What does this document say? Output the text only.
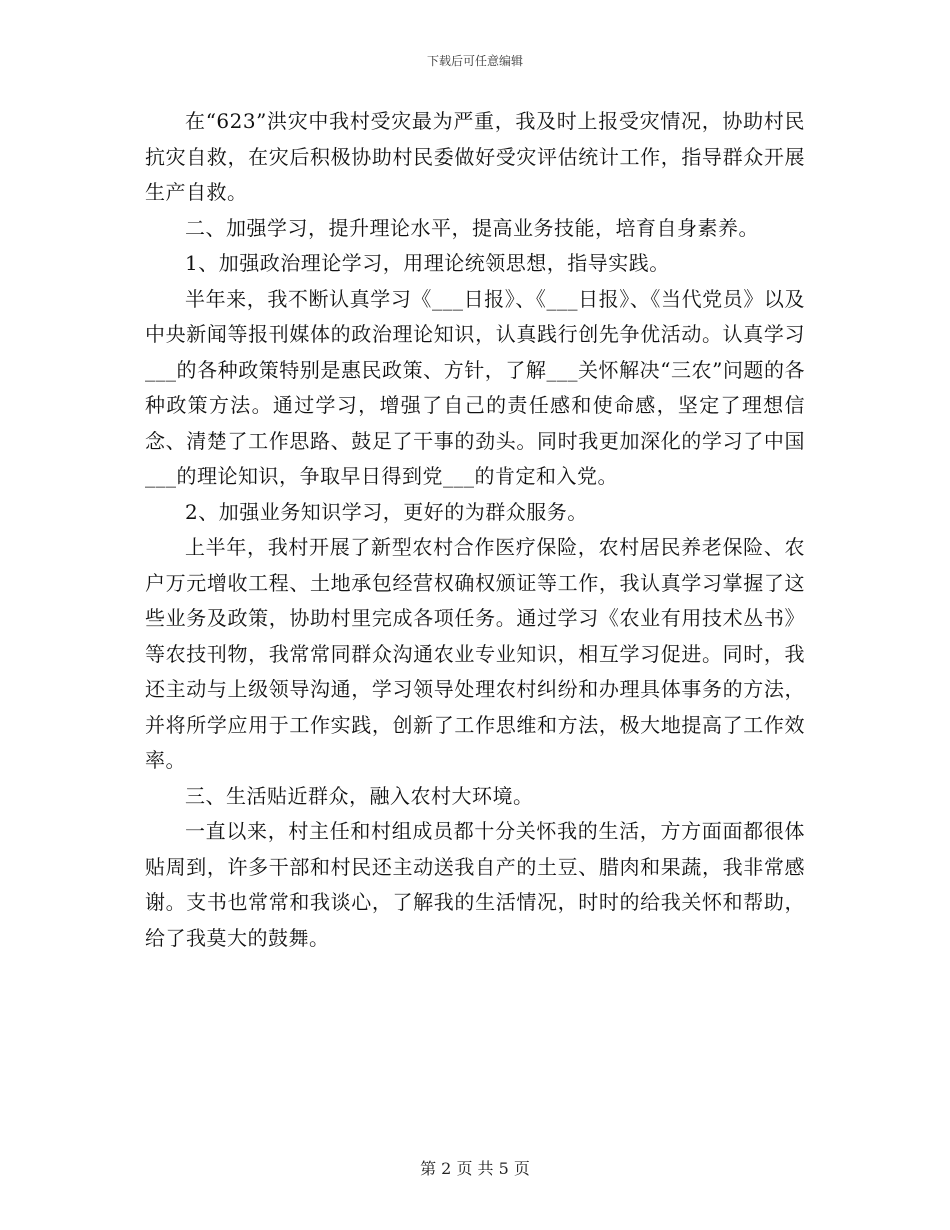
下载后可任意编辑

在“623”洪灾中我村受灾最为严重，我及时上报受灾情况，协助村民抗灾自救，在灾后积极协助村民委做好受灾评估统计工作，指导群众开展生产自救。

二、加强学习，提升理论水平，提高业务技能，培育自身素养。

1、加强政治理论学习，用理论统领思想，指导实践。

半年来，我不断认真学习《___日报》、《___日报》、《当代党员》以及中央新闻等报刊媒体的政治理论知识，认真践行创先争优活动。认真学习___的各种政策特别是惠民政策、方针，了解___关怀解决“三农”问题的各种政策方法。通过学习，增强了自己的责任感和使命感，坚定了理想信念、清楚了工作思路、鼓足了干事的劲头。同时我更加深化的学习了中国___的理论知识，争取早日得到党___的肯定和入党。

2、加强业务知识学习，更好的为群众服务。

上半年，我村开展了新型农村合作医疗保险，农村居民养老保险、农户万元增收工程、土地承包经营权确权颁证等工作，我认真学习掌握了这些业务及政策，协助村里完成各项任务。通过学习《农业有用技术丛书》等农技刊物，我常常同群众沟通农业专业知识，相互学习促进。同时，我还主动与上级领导沟通，学习领导处理农村纠纷和办理具体事务的方法，并将所学应用于工作实践，创新了工作思维和方法，极大地提高了工作效率。

三、生活贴近群众，融入农村大环境。

一直以来，村主任和村组成员都十分关怀我的生活，方方面面都很体贴周到，许多干部和村民还主动送我自产的土豆、腊肉和果蔬，我非常感谢。支书也常常和我谈心，了解我的生活情况，时时的给我关怀和帮助，给了我莫大的鼓舞。

第 2 页 共 5 页
